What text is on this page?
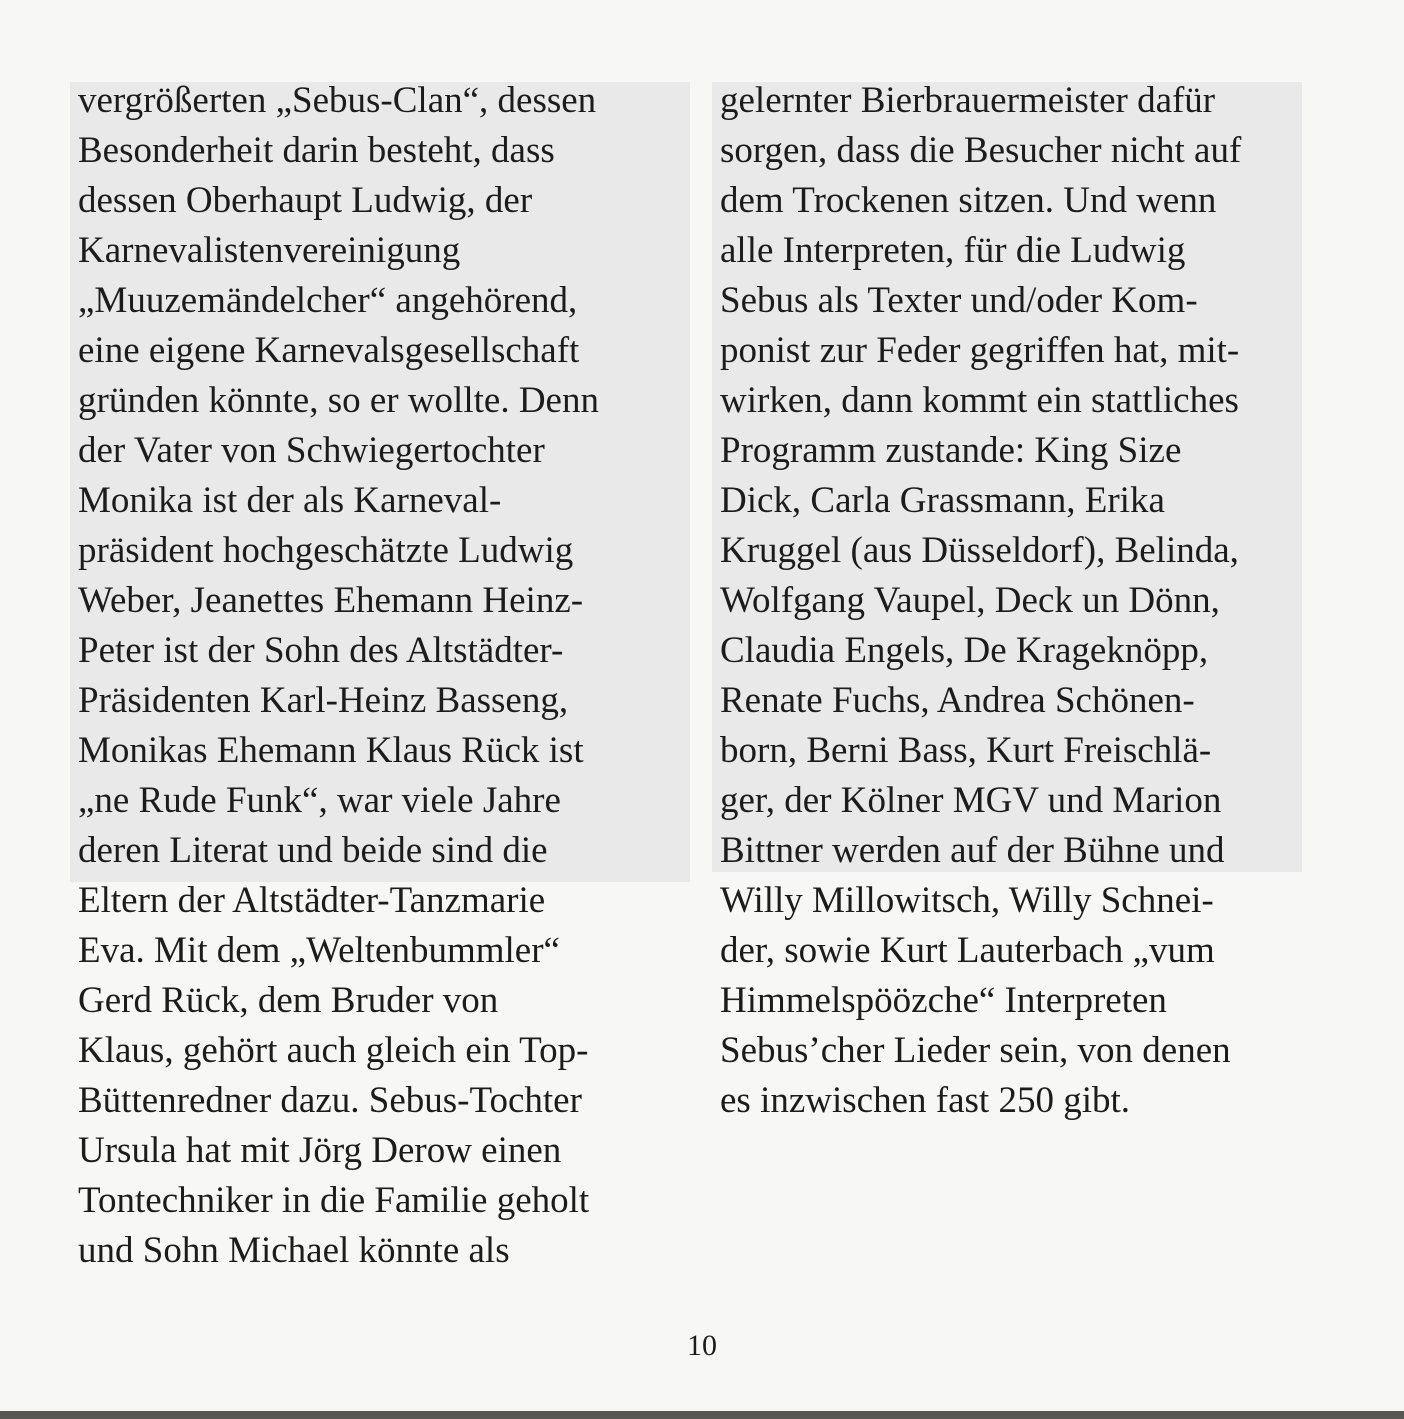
vergrößerten „Sebus-Clan“, dessen
Besonderheit darin besteht, dass
dessen Oberhaupt Ludwig, der
Karnevalistenvereinigung
„Muuzemändelcher“ angehörend,
eine eigene Karnevalsgesellschaft
gründen könnte, so er wollte. Denn
der Vater von Schwiegertochter
Monika ist der als Karneval-
präsident hochgeschätzte Ludwig
Weber, Jeanettes Ehemann Heinz-
Peter ist der Sohn des Altstädter-
Präsidenten Karl-Heinz Basseng,
Monikas Ehemann Klaus Rück ist
„ne Rude Funk“, war viele Jahre
deren Literat und beide sind die
Eltern der Altstädter-Tanzmarie
Eva. Mit dem „Weltenbummler“
Gerd Rück, dem Bruder von
Klaus, gehört auch gleich ein Top-
Büttenredner dazu. Sebus-Tochter
Ursula hat mit Jörg Derow einen
Tontechniker in die Familie geholt
und Sohn Michael könnte als
gelernter Bierbrauermeister dafür
sorgen, dass die Besucher nicht auf
dem Trockenen sitzen. Und wenn
alle Interpreten, für die Ludwig
Sebus als Texter und/oder Kom-
ponist zur Feder gegriffen hat, mit-
wirken, dann kommt ein stattliches
Programm zustande: King Size
Dick, Carla Grassmann, Erika
Kruggel (aus Düsseldorf), Belinda,
Wolfgang Vaupel, Deck un Dönn,
Claudia Engels, De Krageknöpp,
Renate Fuchs, Andrea Schönen-
born, Berni Bass, Kurt Freischlä-
ger, der Kölner MGV und Marion
Bittner werden auf der Bühne und
Willy Millowitsch, Willy Schnei-
der, sowie Kurt Lauterbach „vum
Himmelspöözche“ Interpreten
Sebus’cher Lieder sein, von denen
es inzwischen fast 250 gibt.
10
